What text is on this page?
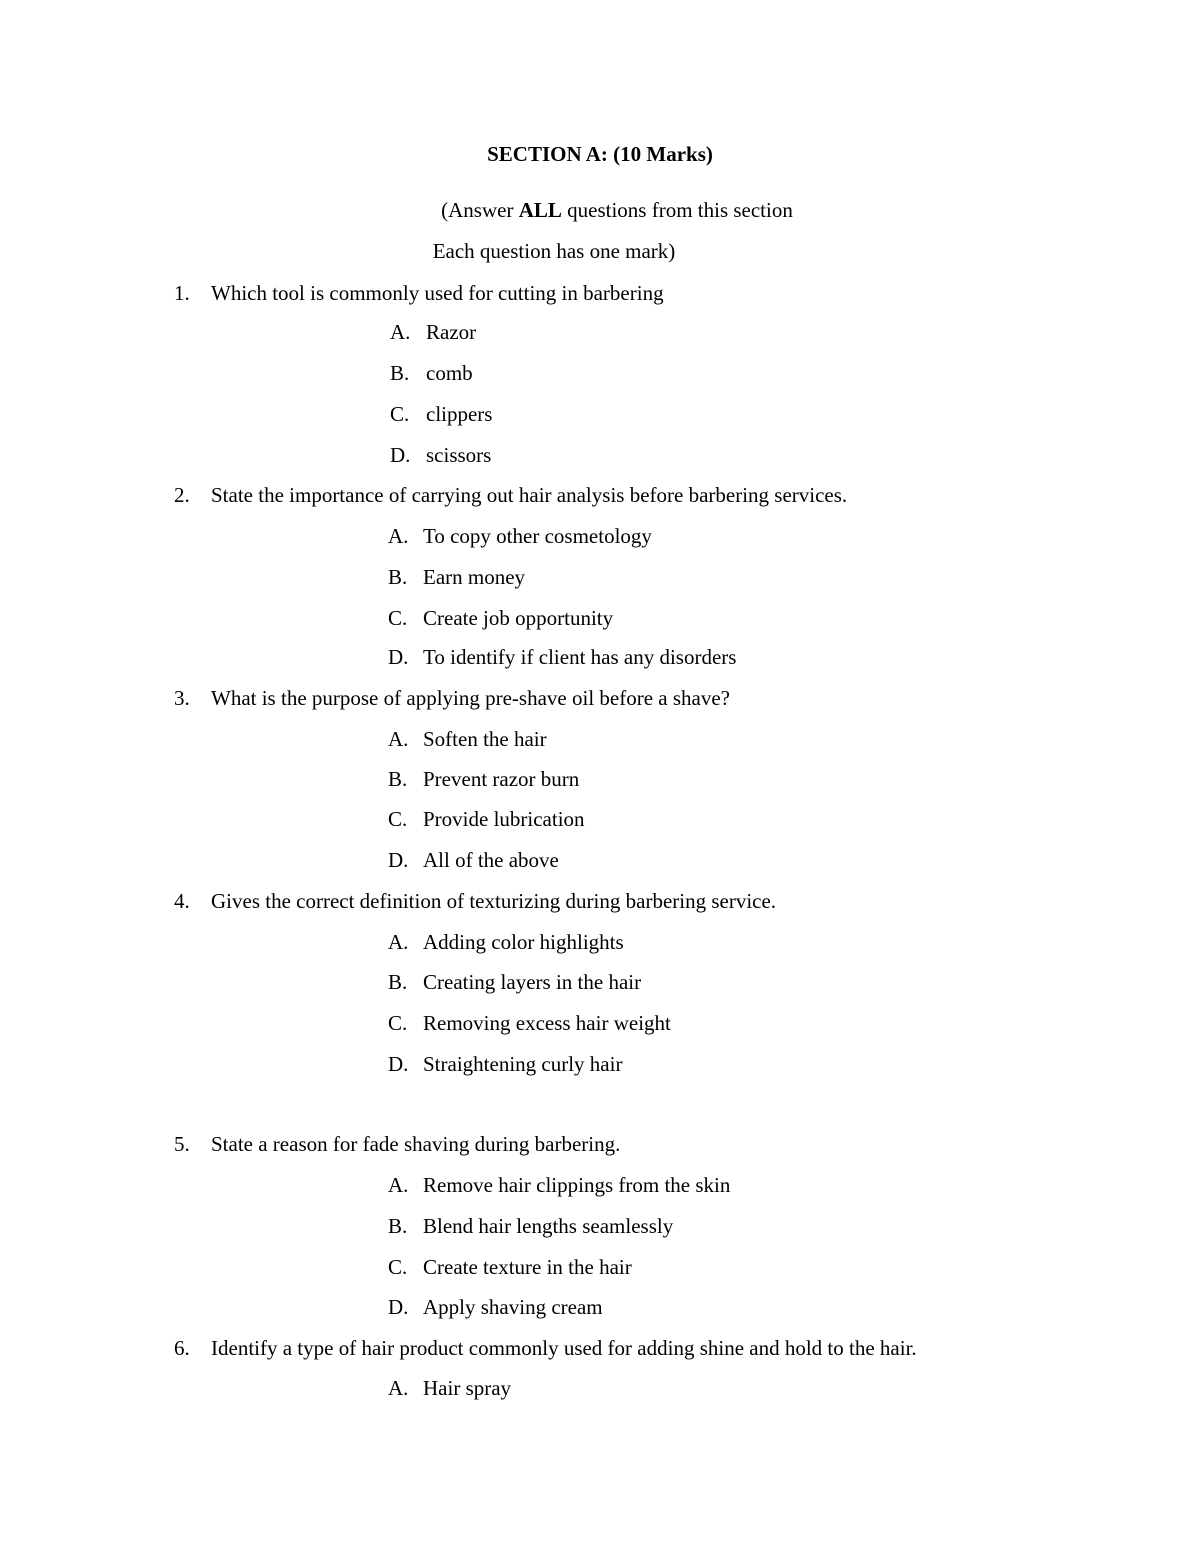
SECTION A: (10 Marks)
(Answer ALL questions from this section
Each question has one mark)
1. Which tool is commonly used for cutting in barbering
A. Razor
B. comb
C. clippers
D. scissors
2. State the importance of carrying out hair analysis before barbering services.
A. To copy other cosmetology
B. Earn money
C. Create job opportunity
D. To identify if client has any disorders
3. What is the purpose of applying pre-shave oil before a shave?
A. Soften the hair
B. Prevent razor burn
C. Provide lubrication
D. All of the above
4. Gives the correct definition of texturizing during barbering service.
A. Adding color highlights
B. Creating layers in the hair
C. Removing excess hair weight
D. Straightening curly hair
5. State a reason for fade shaving during barbering.
A. Remove hair clippings from the skin
B. Blend hair lengths seamlessly
C. Create texture in the hair
D. Apply shaving cream
6. Identify a type of hair product commonly used for adding shine and hold to the hair.
A. Hair spray
